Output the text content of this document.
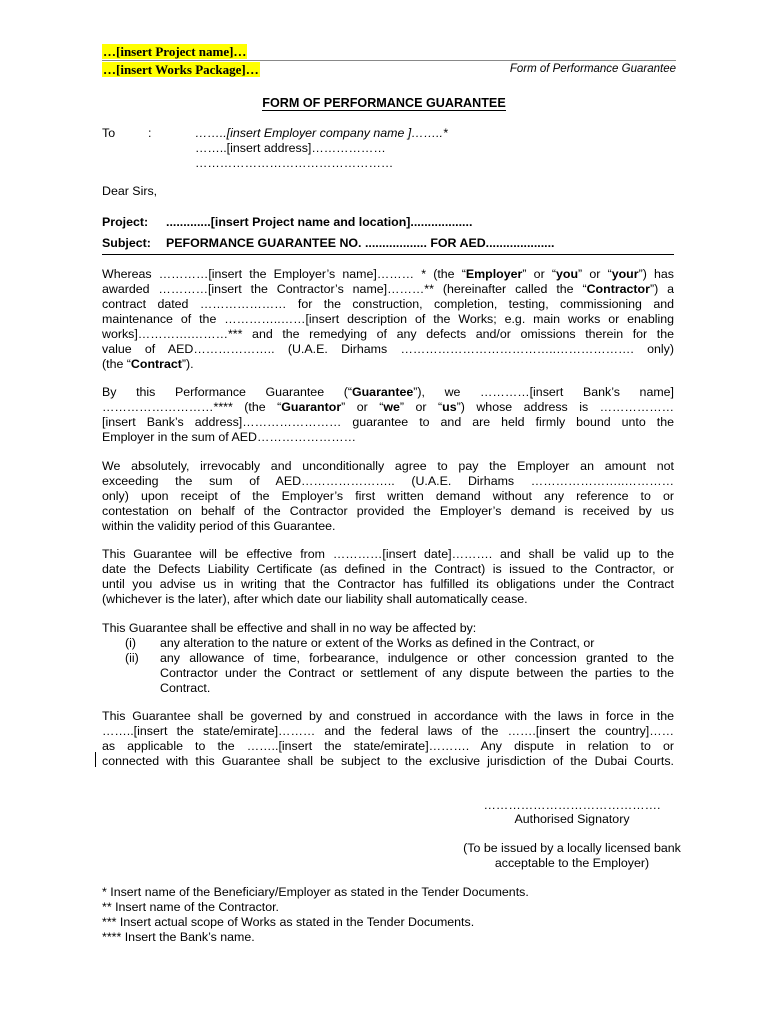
…[insert Project name]…
…[insert Works Package]…	Form of Performance Guarantee
FORM OF PERFORMANCE GUARANTEE
To	:	……..[insert Employer company name ]……..*
……..[insert address]………………
…………………………………………
Dear Sirs,
Project: .............[insert Project name and location]..................
Subject: PEFORMANCE GUARANTEE NO. .................. FOR AED....................
Whereas …………[insert the Employer’s name]……… * (the “Employer” or “you” or “your”) has
awarded …………[insert the Contractor’s name]………** (hereinafter called the “Contractor”) a
contract dated ………………… for the construction, completion, testing, commissioning and
maintenance of the …………..……[insert description of the Works; e.g. main works or enabling
works]………….………*** and the remedying of any defects and/or omissions therein for the
value of AED……………….. (U.A.E. Dirhams ………………………………..………………. only)
(the “Contract”).
By this Performance Guarantee (“Guarantee”), we …………[insert Bank’s name]
………………………**** (the “Guarantor” or “we” or “us”) whose address is ………………
[insert Bank’s address]…………………… guarantee to and are held firmly bound unto the
Employer in the sum of AED……………………
We absolutely, irrevocably and unconditionally agree to pay the Employer an amount not
exceeding the sum of AED………………….. (U.A.E. Dirhams …………………..…………
only) upon receipt of the Employer’s first written demand without any reference to or
contestation on behalf of the Contractor provided the Employer’s demand is received by us
within the validity period of this Guarantee.
This Guarantee will be effective from …………[insert date]………. and shall be valid up to the
date the Defects Liability Certificate (as defined in the Contract) is issued to the Contractor, or
until you advise us in writing that the Contractor has fulfilled its obligations under the Contract
(whichever is the later), after which date our liability shall automatically cease.
This Guarantee shall be effective and shall in no way be affected by:
(i) any alteration to the nature or extent of the Works as defined in the Contract, or
(ii) any allowance of time, forbearance, indulgence or other concession granted to the
Contractor under the Contract or settlement of any dispute between the parties to the
Contract.
This Guarantee shall be governed by and construed in accordance with the laws in force in the
……..[insert the state/emirate]……… and the federal laws of the …….[insert the country]……
as applicable to the ……..[insert the state/emirate]………. Any dispute in relation to or
connected with this Guarantee shall be subject to the exclusive jurisdiction of the Dubai Courts.
…………………………………….
Authorised Signatory
(To be issued by a locally licensed bank
acceptable to the Employer)
* Insert name of the Beneficiary/Employer as stated in the Tender Documents.
** Insert name of the Contractor.
*** Insert actual scope of Works as stated in the Tender Documents.
**** Insert the Bank’s name.
